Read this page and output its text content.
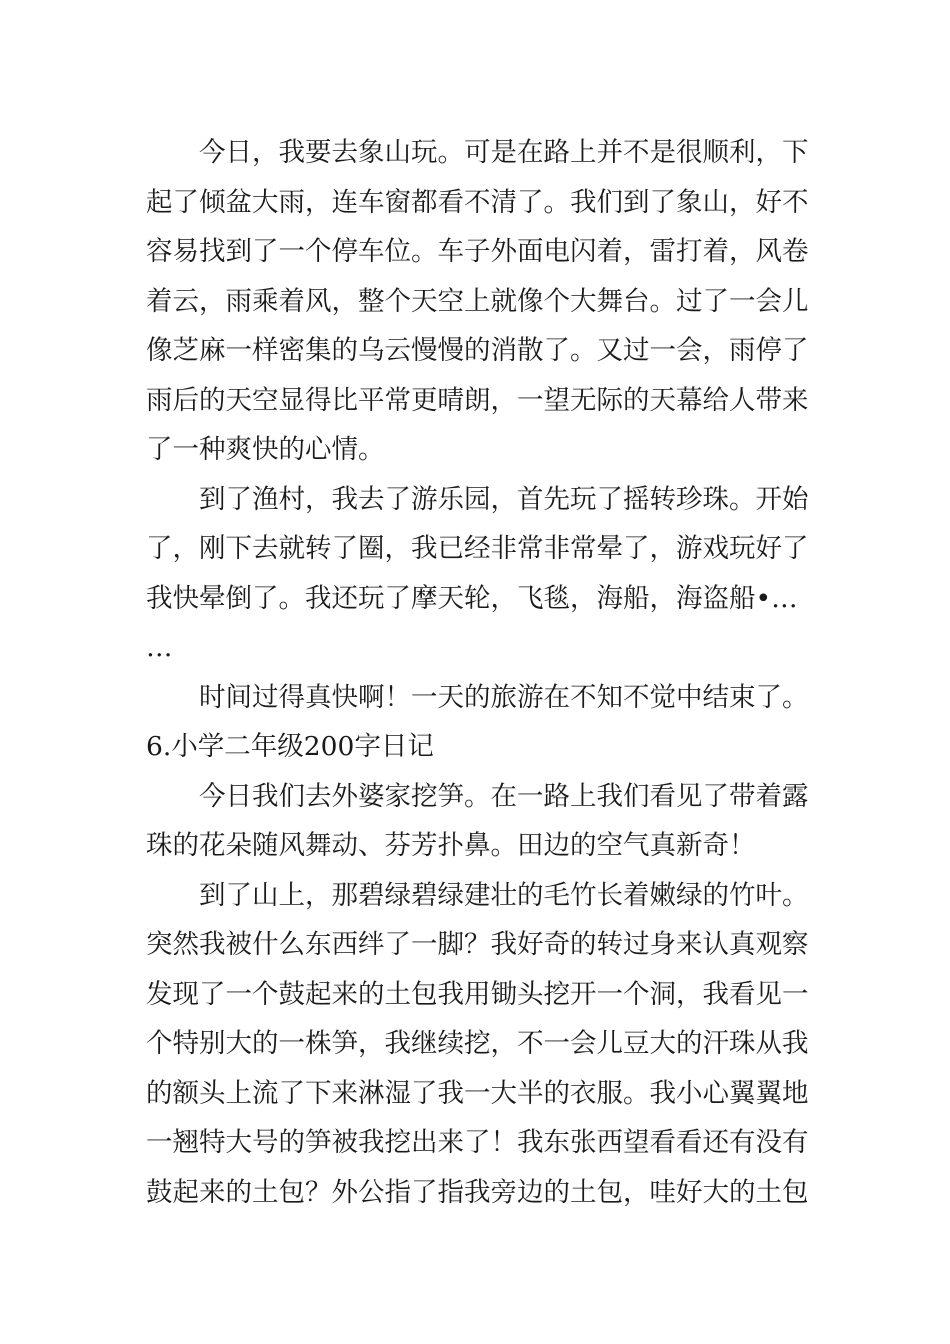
今日，我要去象山玩。可是在路上并不是很顺利，下
起了倾盆大雨，连车窗都看不清了。我们到了象山，好不
容易找到了一个停车位。车子外面电闪着，雷打着，风卷
着云，雨乘着风，整个天空上就像个大舞台。过了一会儿
像芝麻一样密集的乌云慢慢的消散了。又过一会，雨停了
雨后的天空显得比平常更晴朗，一望无际的天幕给人带来
了一种爽快的心情。
到了渔村，我去了游乐园，首先玩了摇转珍珠。开始
了，刚下去就转了圈，我已经非常非常晕了，游戏玩好了
我快晕倒了。我还玩了摩天轮，飞毯，海船，海盗船•…
…
时间过得真快啊！一天的旅游在不知不觉中结束了。
6.小学二年级200字日记
今日我们去外婆家挖笋。在一路上我们看见了带着露
珠的花朵随风舞动、芬芳扑鼻。田边的空气真新奇！
到了山上，那碧绿碧绿建壮的毛竹长着嫩绿的竹叶。
突然我被什么东西绊了一脚？我好奇的转过身来认真观察
发现了一个鼓起来的土包我用锄头挖开一个洞，我看见一
个特别大的一株笋，我继续挖，不一会儿豆大的汗珠从我
的额头上流了下来淋湿了我一大半的衣服。我小心翼翼地
一翘特大号的笋被我挖出来了！我东张西望看看还有没有
鼓起来的土包？外公指了指我旁边的土包，哇好大的土包
